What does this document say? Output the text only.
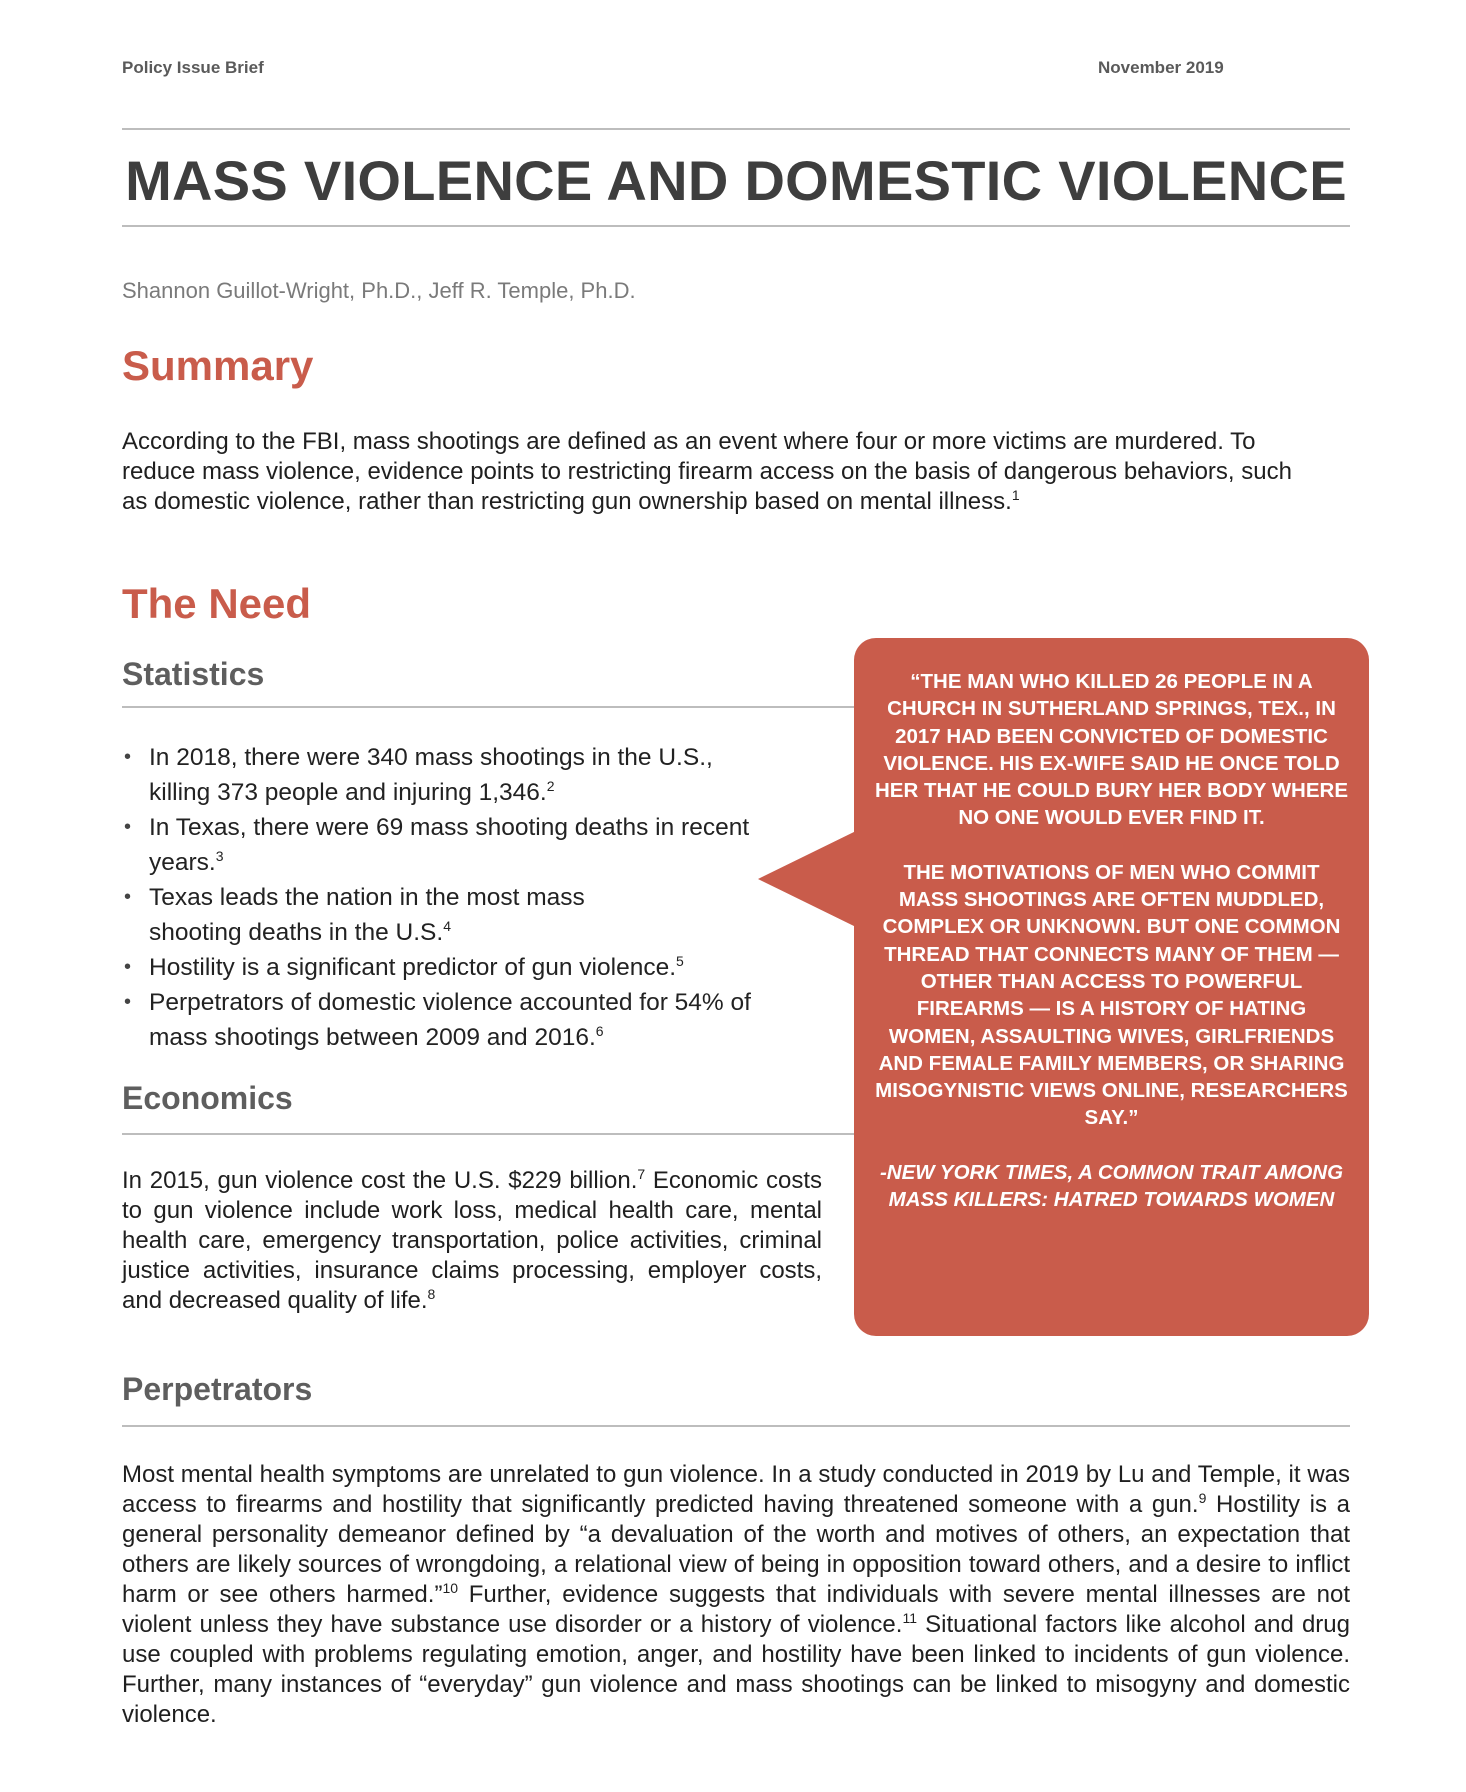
Policy Issue Brief	November 2019
MASS VIOLENCE AND DOMESTIC VIOLENCE
Shannon Guillot-Wright, Ph.D., Jeff R. Temple, Ph.D.
Summary

According to the FBI, mass shootings are defined as an event where four or more victims are murdered. To reduce mass violence, evidence points to restricting firearm access on the basis of dangerous behaviors, such as domestic violence, rather than restricting gun ownership based on mental illness.$^1$

The Need
Statistics
• In 2018, there were 340 mass shootings in the U.S., killing 373 people and injuring 1,346.$^2$
• In Texas, there were 69 mass shooting deaths in recent years.$^3$
• Texas leads the nation in the most mass shooting deaths in the U.S.$^4$
• Hostility is a significant predictor of gun violence.$^5$
• Perpetrators of domestic violence accounted for 54% of mass shootings between 2009 and 2016.$^6$
Economics

In 2015, gun violence cost the U.S. $229 billion.$^7$ Economic costs to gun violence include work loss, medical health care, mental health care, emergency transportation, police activities, criminal justice activities, insurance claims processing, employer costs, and decreased quality of life.$^8$

Perpetrators

Most mental health symptoms are unrelated to gun violence. In a study conducted in 2019 by Lu and Temple, it was access to firearms and hostility that significantly predicted having threatened someone with a gun.$^9$ Hostility is a general personality demeanor defined by “a devaluation of the worth and motives of others, an expectation that others are likely sources of wrongdoing, a relational view of being in opposition toward others, and a desire to inflict harm or see others harmed.”$^{10}$ Further, evidence suggests that individuals with severe mental illnesses are not violent unless they have substance use disorder or a history of violence.$^{11}$ Situational factors like alcohol and drug use coupled with problems regulating emotion, anger, and hostility have been linked to incidents of gun violence. Further, many instances of “everyday” gun violence and mass shootings can be linked to misogyny and domestic violence.

“THE MAN WHO KILLED 26 PEOPLE IN A CHURCH IN SUTHERLAND SPRINGS, TEX., IN 2017 HAD BEEN CONVICTED OF DOMESTIC VIOLENCE. HIS EX-WIFE SAID HE ONCE TOLD HER THAT HE COULD BURY HER BODY WHERE NO ONE WOULD EVER FIND IT.

THE MOTIVATIONS OF MEN WHO COMMIT MASS SHOOTINGS ARE OFTEN MUDDLED, COMPLEX OR UNKNOWN. BUT ONE COMMON THREAD THAT CONNECTS MANY OF THEM — OTHER THAN ACCESS TO POWERFUL FIREARMS — IS A HISTORY OF HATING WOMEN, ASSAULTING WIVES, GIRLFRIENDS AND FEMALE FAMILY MEMBERS, OR SHARING MISOGYNISTIC VIEWS ONLINE, RESEARCHERS SAY.”

-NEW YORK TIMES, A COMMON TRAIT AMONG MASS KILLERS: HATRED TOWARDS WOMEN
